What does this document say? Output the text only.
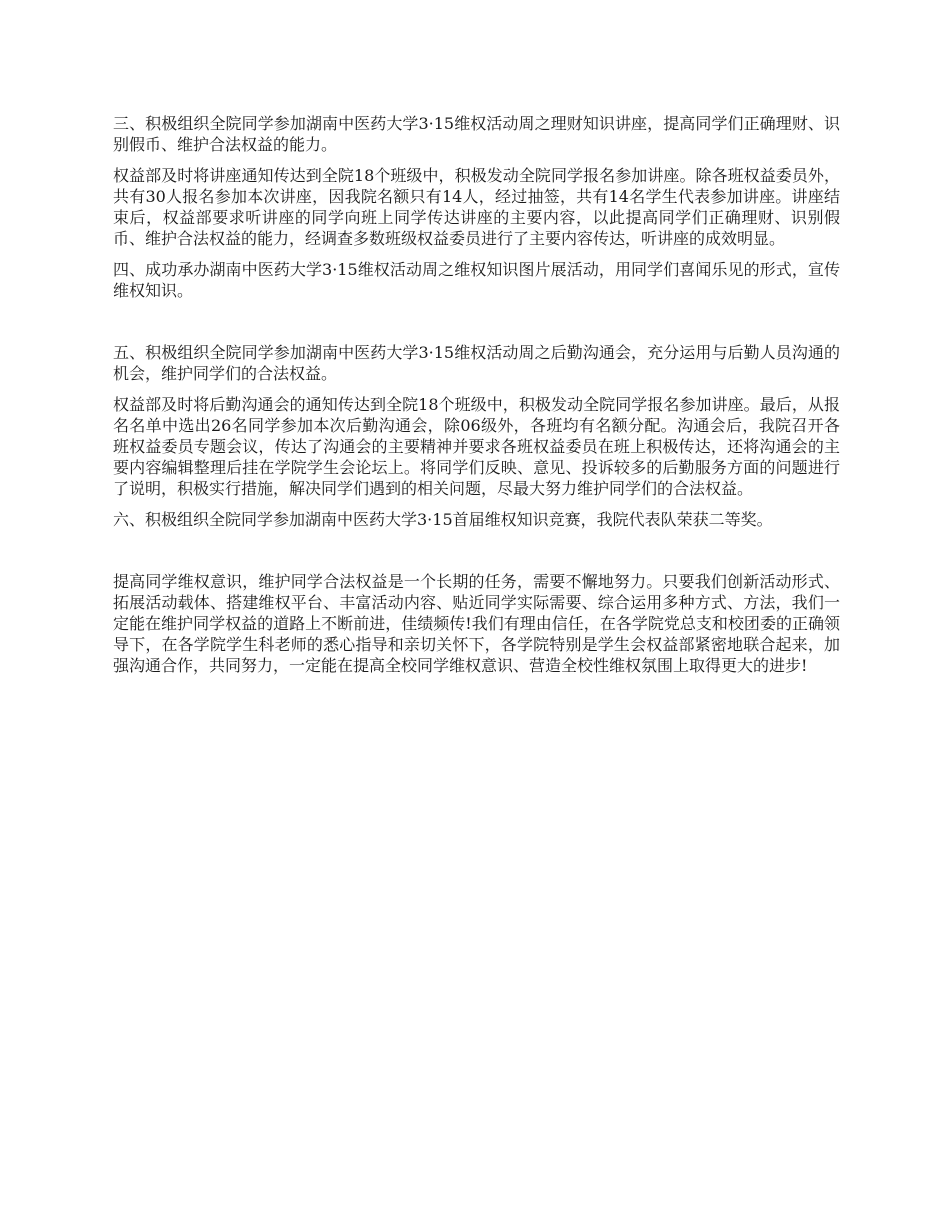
三、积极组织全院同学参加湖南中医药大学3·15维权活动周之理财知识讲座，提高同学们正确理财、识别假币、维护合法权益的能力。

权益部及时将讲座通知传达到全院18个班级中，积极发动全院同学报名参加讲座。除各班权益委员外，共有30人报名参加本次讲座，因我院名额只有14人，经过抽签，共有14名学生代表参加讲座。讲座结束后，权益部要求听讲座的同学向班上同学传达讲座的主要内容，以此提高同学们正确理财、识别假币、维护合法权益的能力，经调查多数班级权益委员进行了主要内容传达，听讲座的成效明显。

四、成功承办湖南中医药大学3·15维权活动周之维权知识图片展活动，用同学们喜闻乐见的形式，宣传维权知识。

五、积极组织全院同学参加湖南中医药大学3·15维权活动周之后勤沟通会，充分运用与后勤人员沟通的机会，维护同学们的合法权益。

权益部及时将后勤沟通会的通知传达到全院18个班级中，积极发动全院同学报名参加讲座。最后，从报名名单中选出26名同学参加本次后勤沟通会，除06级外，各班均有名额分配。沟通会后，我院召开各班权益委员专题会议，传达了沟通会的主要精神并要求各班权益委员在班上积极传达，还将沟通会的主要内容编辑整理后挂在学院学生会论坛上。将同学们反映、意见、投诉较多的后勤服务方面的问题进行了说明，积极实行措施，解决同学们遇到的相关问题，尽最大努力维护同学们的合法权益。

六、积极组织全院同学参加湖南中医药大学3·15首届维权知识竞赛，我院代表队荣获二等奖。

提高同学维权意识，维护同学合法权益是一个长期的任务，需要不懈地努力。只要我们创新活动形式、拓展活动载体、搭建维权平台、丰富活动内容、贴近同学实际需要、综合运用多种方式、方法，我们一定能在维护同学权益的道路上不断前进，佳绩频传!我们有理由信任，在各学院党总支和校团委的正确领导下，在各学院学生科老师的悉心指导和亲切关怀下，各学院特别是学生会权益部紧密地联合起来，加强沟通合作，共同努力，一定能在提高全校同学维权意识、营造全校性维权氛围上取得更大的进步!
